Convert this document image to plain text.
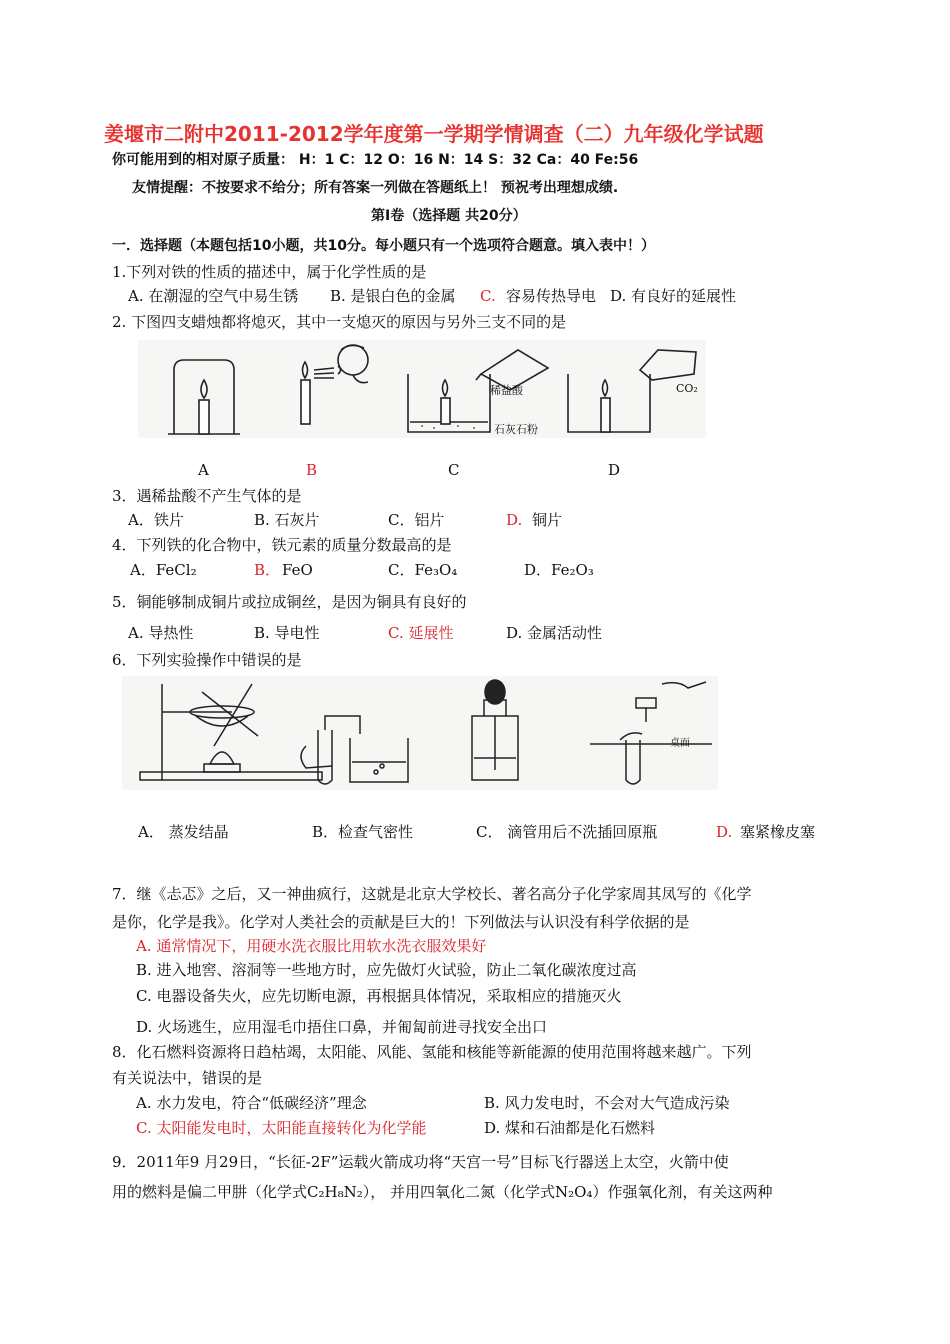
姜堰市二附中2011-2012学年度第一学期学情调查（二）九年级化学试题
你可能用到的相对原子质量： H：1 C：12 O：16 N：14 S：32 Ca：40 Fe:56
友情提醒：不按要求不给分；所有答案一列做在答题纸上！ 预祝考出理想成绩.
第Ⅰ卷（选择题 共20分）
一．选择题（本题包括10小题，共10分。每小题只有一个选项符合题意。填入表中！）
1.下列对铁的性质的描述中，属于化学性质的是
A. 在潮湿的空气中易生锈 B. 是银白色的金属 C. 容易传热导电 D. 有良好的延展性
2. 下图四支蜡烛都将熄灭，其中一支熄灭的原因与另外三支不同的是
稀盐酸
石灰石粉
CO₂
A	B	C	D
3．遇稀盐酸不产生气体的是
A．铁片	B. 石灰片	C．铝片	D. 铜片
4．下列铁的化合物中，铁元素的质量分数最高的是
A．FeCl₂	B． FeO	C．Fe₃O₄	D．Fe₂O₃
5．铜能够制成铜片或拉成铜丝，是因为铜具有良好的
A. 导热性	B. 导电性	C. 延展性	D. 金属活动性
6．下列实验操作中错误的是
桌面
A． 蒸发结晶	B．检查气密性	C． 滴管用后不洗插回原瓶	D. 塞紧橡皮塞
7．继《忐忑》之后，又一神曲疯行，这就是北京大学校长、著名高分子化学家周其凤写的《化学
是你，化学是我》。化学对人类社会的贡献是巨大的！下列做法与认识没有科学依据的是
A. 通常情况下，用硬水洗衣服比用软水洗衣服效果好
B. 进入地窖、溶洞等一些地方时，应先做灯火试验，防止二氧化碳浓度过高
C. 电器设备失火，应先切断电源，再根据具体情况，采取相应的措施灭火
D. 火场逃生，应用湿毛巾捂住口鼻，并匍匐前进寻找安全出口
8．化石燃料资源将日趋枯竭，太阳能、风能、氢能和核能等新能源的使用范围将越来越广。下列
有关说法中，错误的是
A. 水力发电，符合“低碳经济”理念	B. 风力发电时，不会对大气造成污染
C. 太阳能发电时，太阳能直接转化为化学能	D. 煤和石油都是化石燃料
9．2011年9 月29日，“长征-2F”运载火箭成功将“天宫一号”目标飞行器送上太空，火箭中使
用的燃料是偏二甲肼（化学式C₂H₈N₂）， 并用四氧化二氮（化学式N₂O₄）作强氧化剂，有关这两种
